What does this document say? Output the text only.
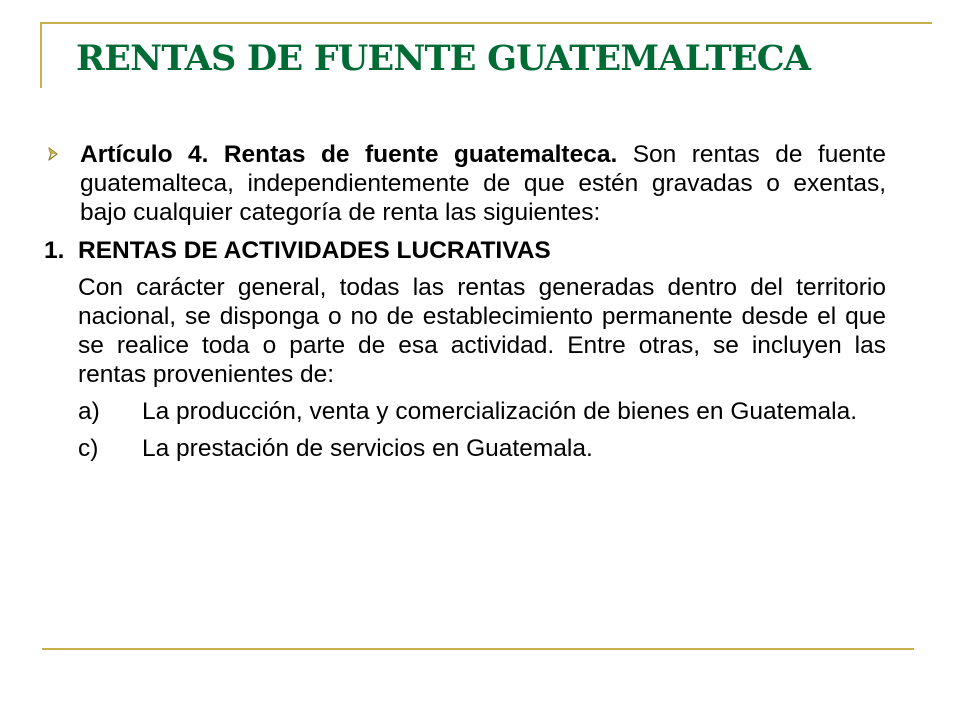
RENTAS DE FUENTE GUATEMALTECA
Artículo 4. Rentas de fuente guatemalteca. Son rentas de fuente guatemalteca, independientemente de que estén gravadas o exentas, bajo cualquier categoría de renta las siguientes:
1. RENTAS DE ACTIVIDADES LUCRATIVAS
Con carácter general, todas las rentas generadas dentro del territorio nacional, se disponga o no de establecimiento permanente desde el que se realice toda o parte de esa actividad. Entre otras, se incluyen las rentas provenientes de:
a)	La producción, venta y comercialización de bienes en Guatemala.
c)	La prestación de servicios en Guatemala.
